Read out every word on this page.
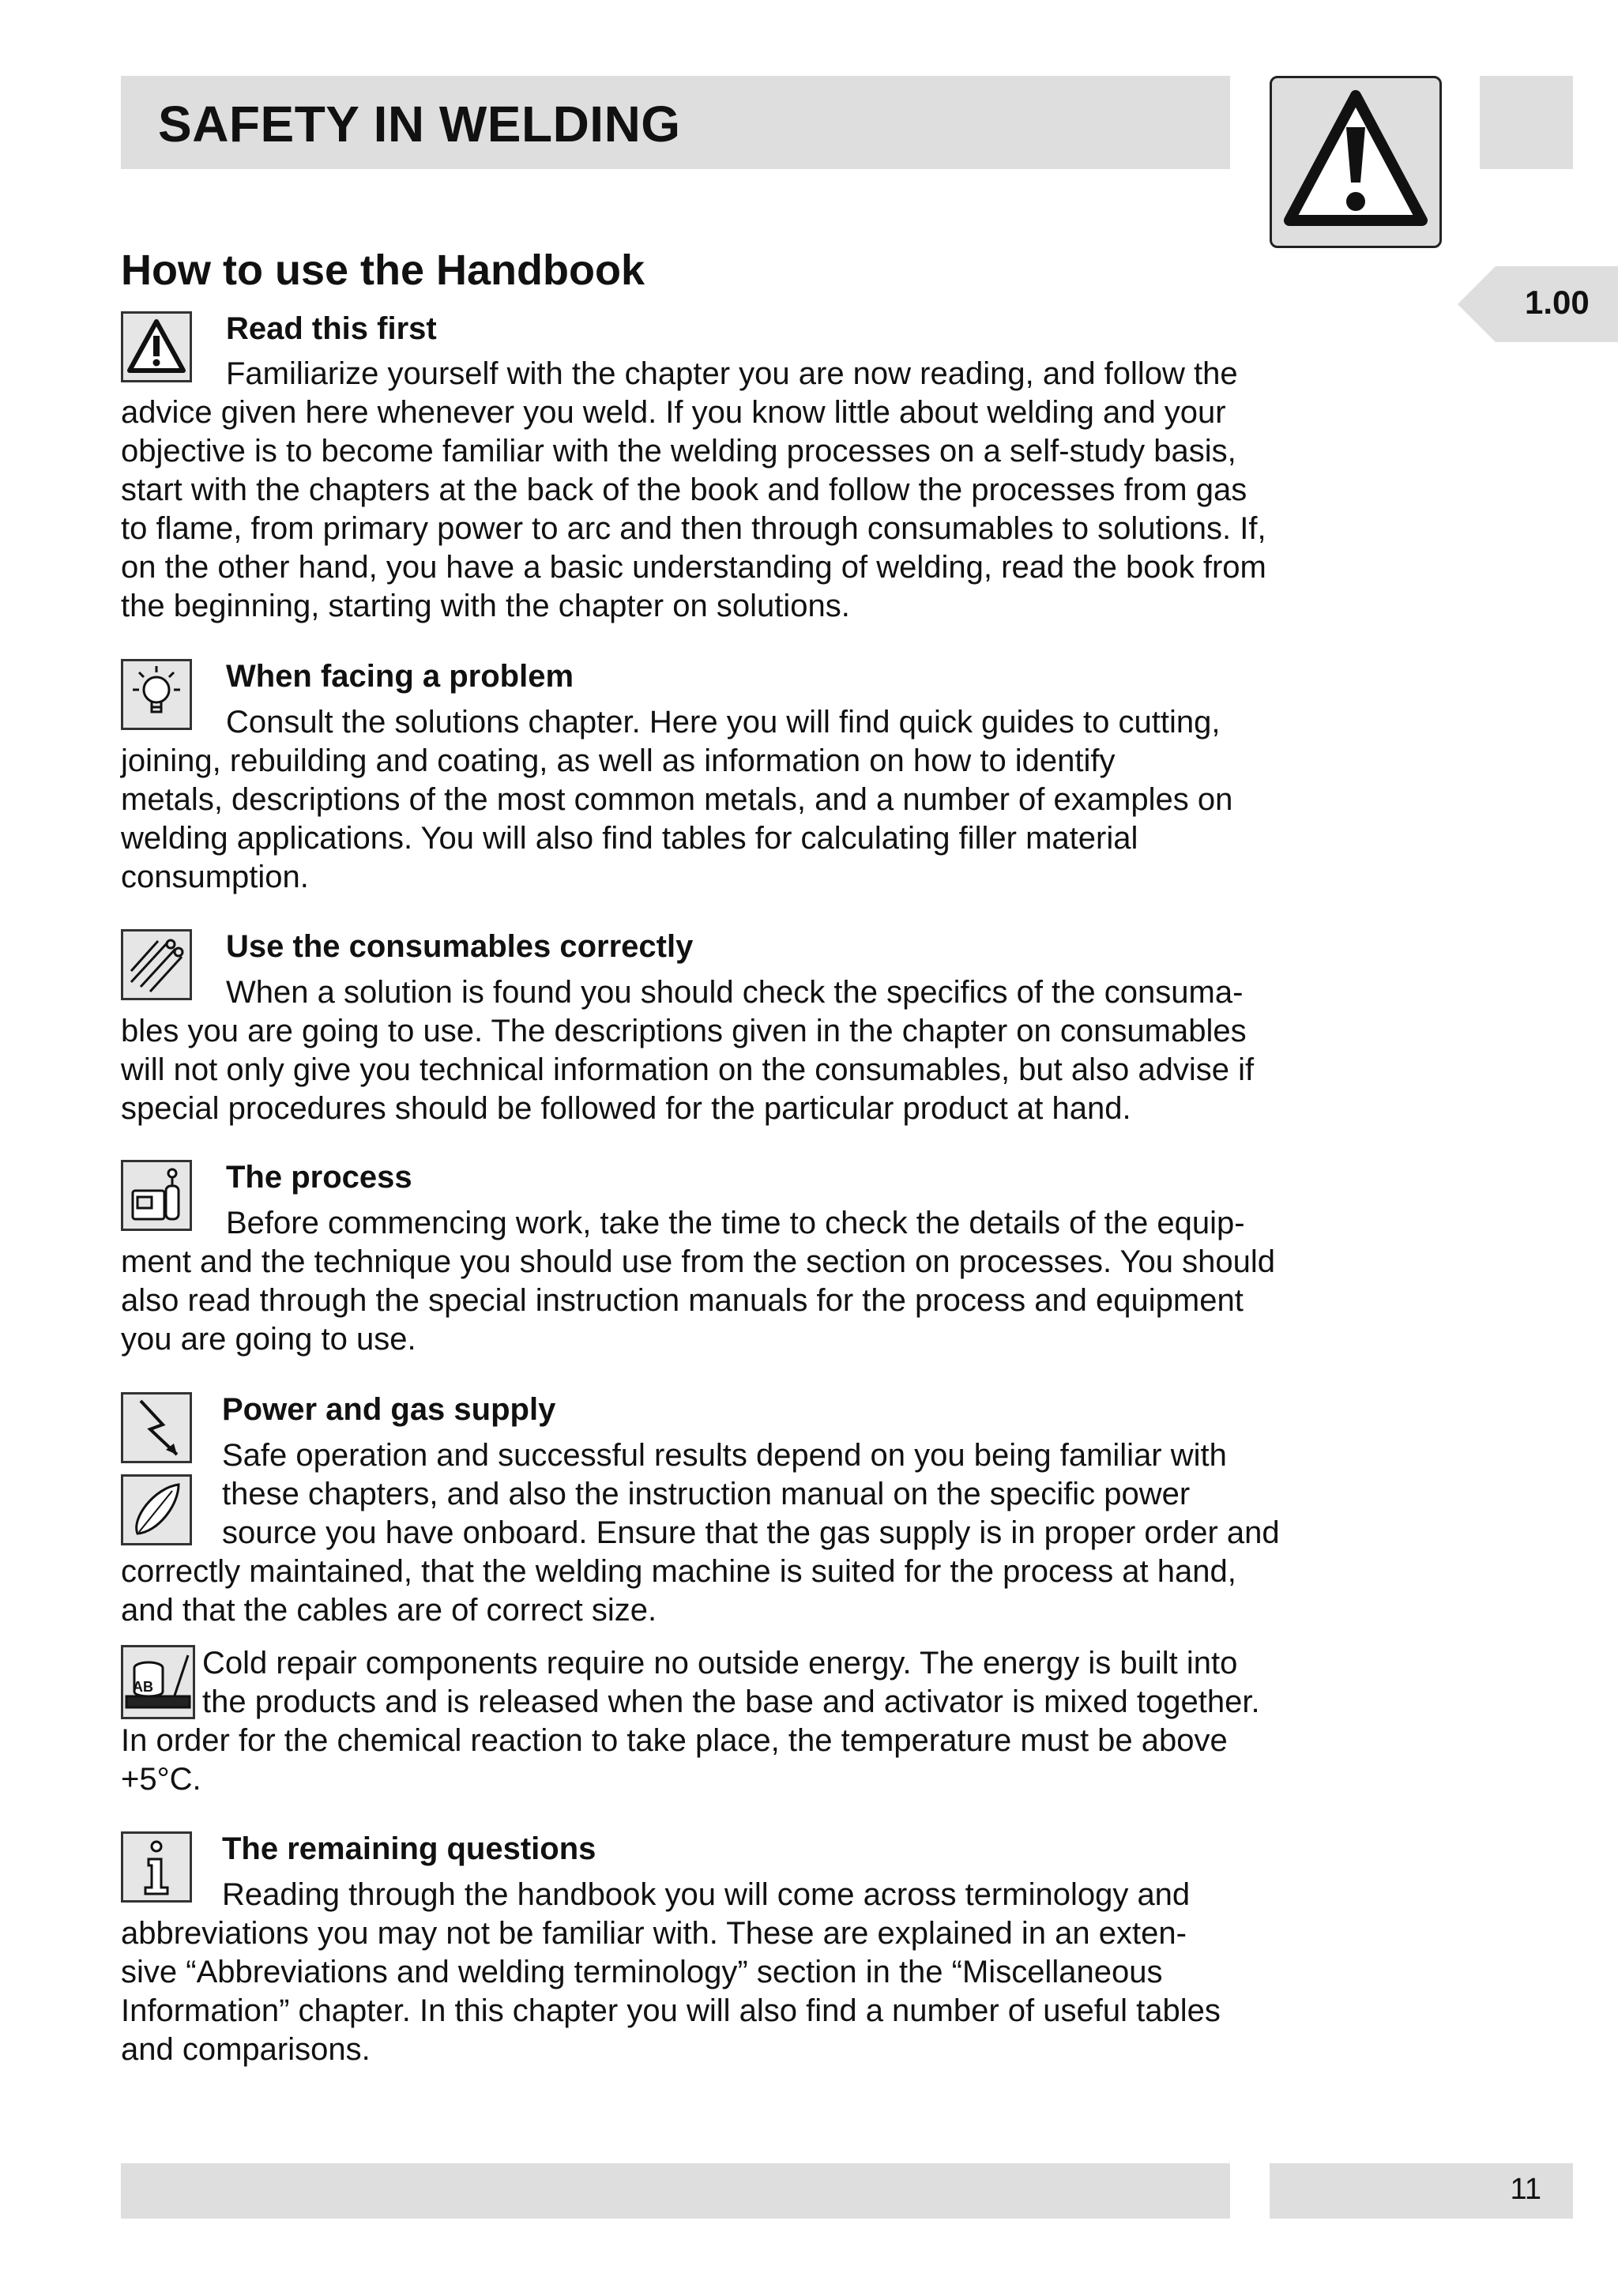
SAFETY IN WELDING
1.00
How to use the Handbook
Read this first

Familiarize yourself with the chapter you are now reading, and follow the

advice given here whenever you weld. If you know little about welding and your
objective is to become familiar with the welding processes on a self-study basis,
start with the chapters at the back of the book and follow the processes from gas
to flame, from primary power to arc and then through consumables to solutions. If,
on the other hand, you have a basic understanding of welding, read the book from
the beginning, starting with the chapter on solutions.

When facing a problem

Consult the solutions chapter. Here you will find quick guides to cutting,

joining, rebuilding and coating, as well as information on how to identify
metals, descriptions of the most common metals, and a number of examples on
welding applications. You will also find tables for calculating filler material
consumption.

Use the consumables correctly

When a solution is found you should check the specifics of the consuma-

bles you are going to use. The descriptions given in the chapter on consumables
will not only give you technical information on the consumables, but also advise if
special procedures should be followed for the particular product at hand.

The process

Before commencing work, take the time to check the details of the equip-

ment and the technique you should use from the section on processes. You should
also read through the special instruction manuals for the process and equipment
you are going to use.

Power and gas supply

Safe operation and successful results depend on you being familiar with
these chapters, and also the instruction manual on the specific power
source you have onboard. Ensure that the gas supply is in proper order and

correctly maintained, that the welding machine is suited for the process at hand,
and that the cables are of correct size.

AB

Cold repair components require no outside energy. The energy is built into
the products and is released when the base and activator is mixed together.

In order for the chemical reaction to take place, the temperature must be above
+5°C.

The remaining questions

Reading through the handbook you will come across terminology and

abbreviations you may not be familiar with. These are explained in an exten-
sive “Abbreviations and welding terminology” section in the “Miscellaneous
Information” chapter. In this chapter you will also find a number of useful tables
and comparisons.

11
